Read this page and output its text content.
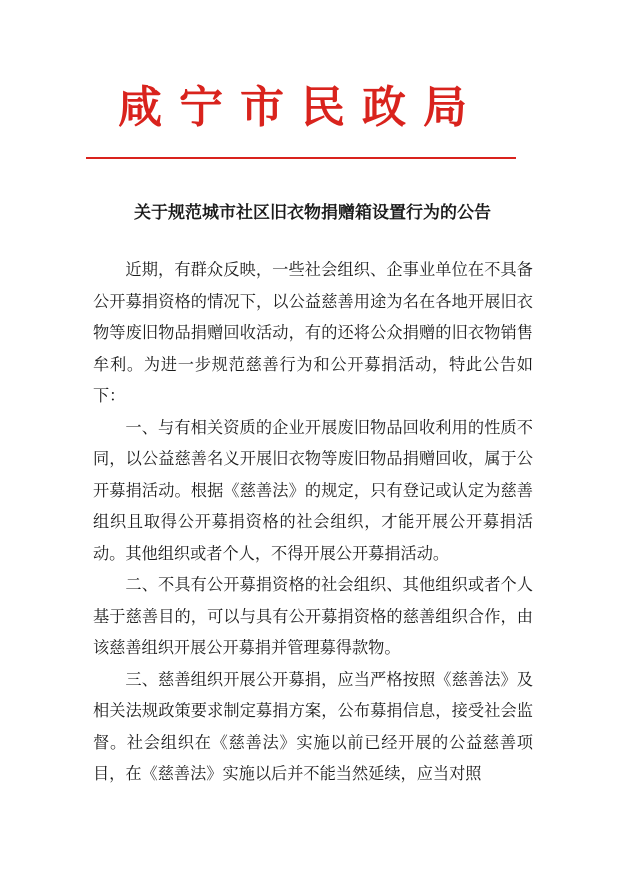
咸宁市民政局
关于规范城市社区旧衣物捐赠箱设置行为的公告

近期，有群众反映，一些社会组织、企事业单位在不具备公开募捐资格的情况下，以公益慈善用途为名在各地开展旧衣物等废旧物品捐赠回收活动，有的还将公众捐赠的旧衣物销售牟利。为进一步规范慈善行为和公开募捐活动，特此公告如下：

一、与有相关资质的企业开展废旧物品回收利用的性质不同，以公益慈善名义开展旧衣物等废旧物品捐赠回收，属于公开募捐活动。根据《慈善法》的规定，只有登记或认定为慈善组织且取得公开募捐资格的社会组织，才能开展公开募捐活动。其他组织或者个人，不得开展公开募捐活动。

二、不具有公开募捐资格的社会组织、其他组织或者个人基于慈善目的，可以与具有公开募捐资格的慈善组织合作，由该慈善组织开展公开募捐并管理募得款物。

三、慈善组织开展公开募捐，应当严格按照《慈善法》及相关法规政策要求制定募捐方案，公布募捐信息，接受社会监督。社会组织在《慈善法》实施以前已经开展的公益慈善项目，在《慈善法》实施以后并不能当然延续，应当对照
